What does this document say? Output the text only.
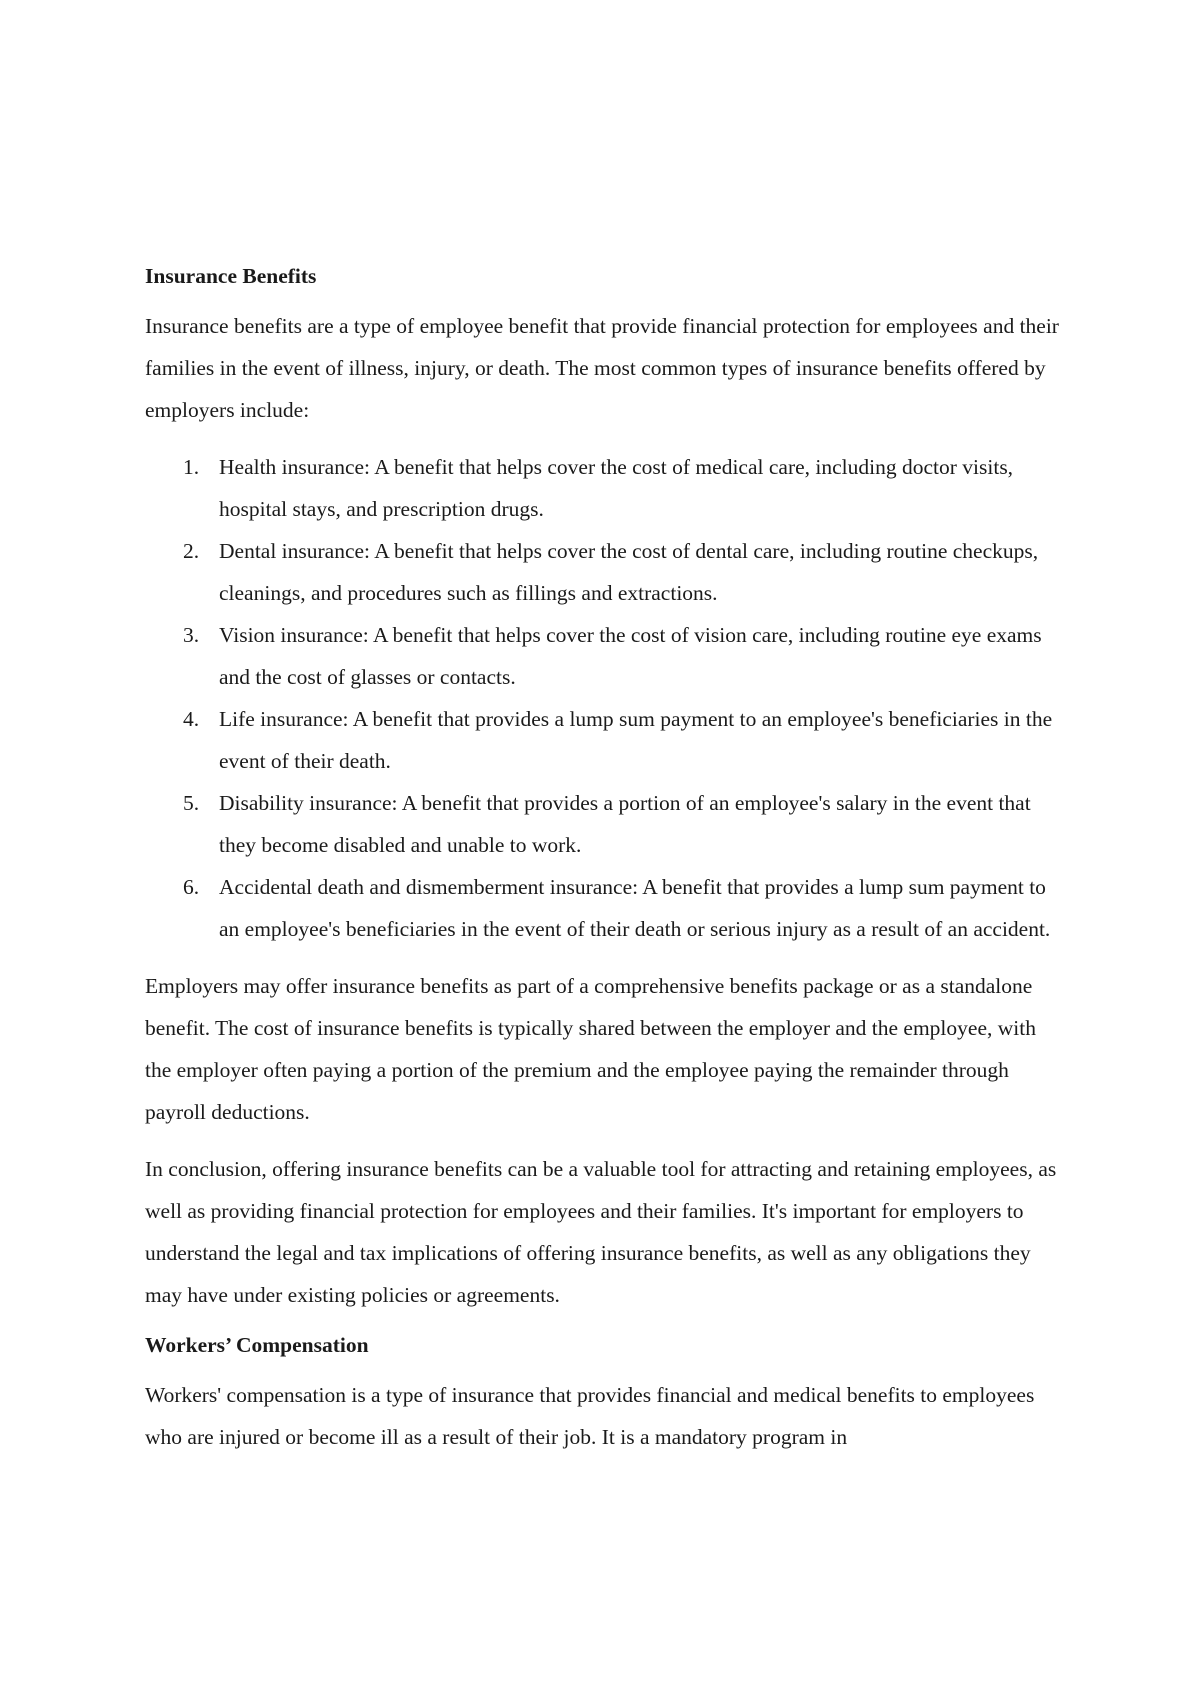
Insurance Benefits

Insurance benefits are a type of employee benefit that provide financial protection for employees and their families in the event of illness, injury, or death. The most common types of insurance benefits offered by employers include:

1. Health insurance: A benefit that helps cover the cost of medical care, including doctor visits, hospital stays, and prescription drugs.
2. Dental insurance: A benefit that helps cover the cost of dental care, including routine checkups, cleanings, and procedures such as fillings and extractions.
3. Vision insurance: A benefit that helps cover the cost of vision care, including routine eye exams and the cost of glasses or contacts.
4. Life insurance: A benefit that provides a lump sum payment to an employee's beneficiaries in the event of their death.
5. Disability insurance: A benefit that provides a portion of an employee's salary in the event that they become disabled and unable to work.
6. Accidental death and dismemberment insurance: A benefit that provides a lump sum payment to an employee's beneficiaries in the event of their death or serious injury as a result of an accident.

Employers may offer insurance benefits as part of a comprehensive benefits package or as a standalone benefit. The cost of insurance benefits is typically shared between the employer and the employee, with the employer often paying a portion of the premium and the employee paying the remainder through payroll deductions.

In conclusion, offering insurance benefits can be a valuable tool for attracting and retaining employees, as well as providing financial protection for employees and their families. It's important for employers to understand the legal and tax implications of offering insurance benefits, as well as any obligations they may have under existing policies or agreements.

Workers’ Compensation

Workers' compensation is a type of insurance that provides financial and medical benefits to employees who are injured or become ill as a result of their job. It is a mandatory program in
